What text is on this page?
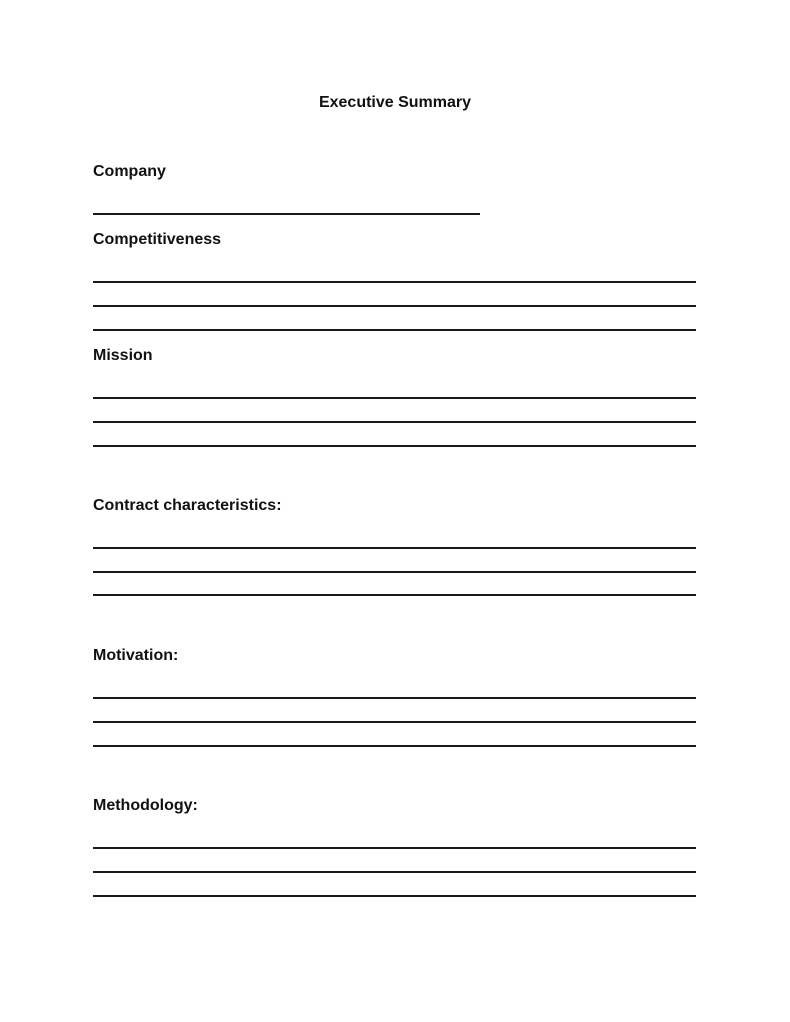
Executive Summary
Company
Competitiveness
Mission
Contract characteristics:
Motivation:
Methodology:
